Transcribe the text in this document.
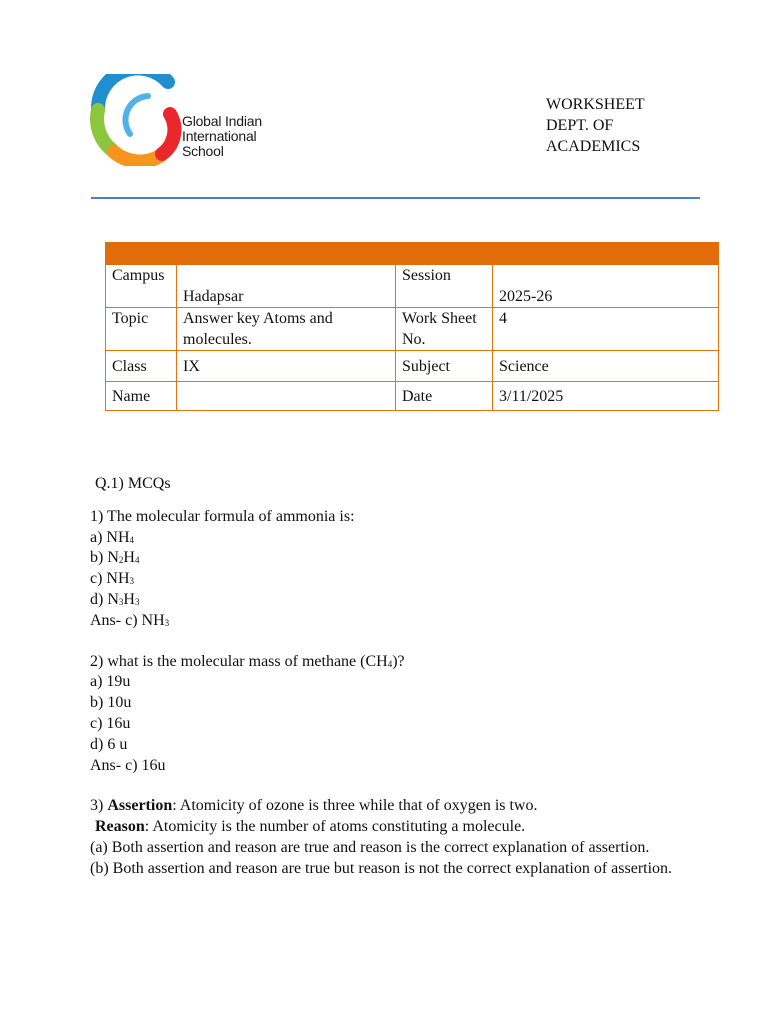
Global Indian
International
School
WORKSHEET
DEPT. OF
ACADEMICS

Campus	Hadapsar	Session	2025-26
Topic	Answer key Atoms and molecules.	Work Sheet No.	4
Class	IX	Subject	Science
Name		Date	3/11/2025

Q.1) MCQs

1) The molecular formula of ammonia is:

a) $NH_4$

b) $N_2H_4$

c) $NH_3$

d) $N_3H_3$

Ans- c) $NH_3$

2) what is the molecular mass of methane $(CH_4)$?

a) 19u

b) 10u

c) 16u

d) 6 u

Ans- c) 16u

3) Assertion: Atomicity of ozone is three while that of oxygen is two.

Reason: Atomicity is the number of atoms constituting a molecule.

(a) Both assertion and reason are true and reason is the correct explanation of assertion.

(b) Both assertion and reason are true but reason is not the correct explanation of assertion.
